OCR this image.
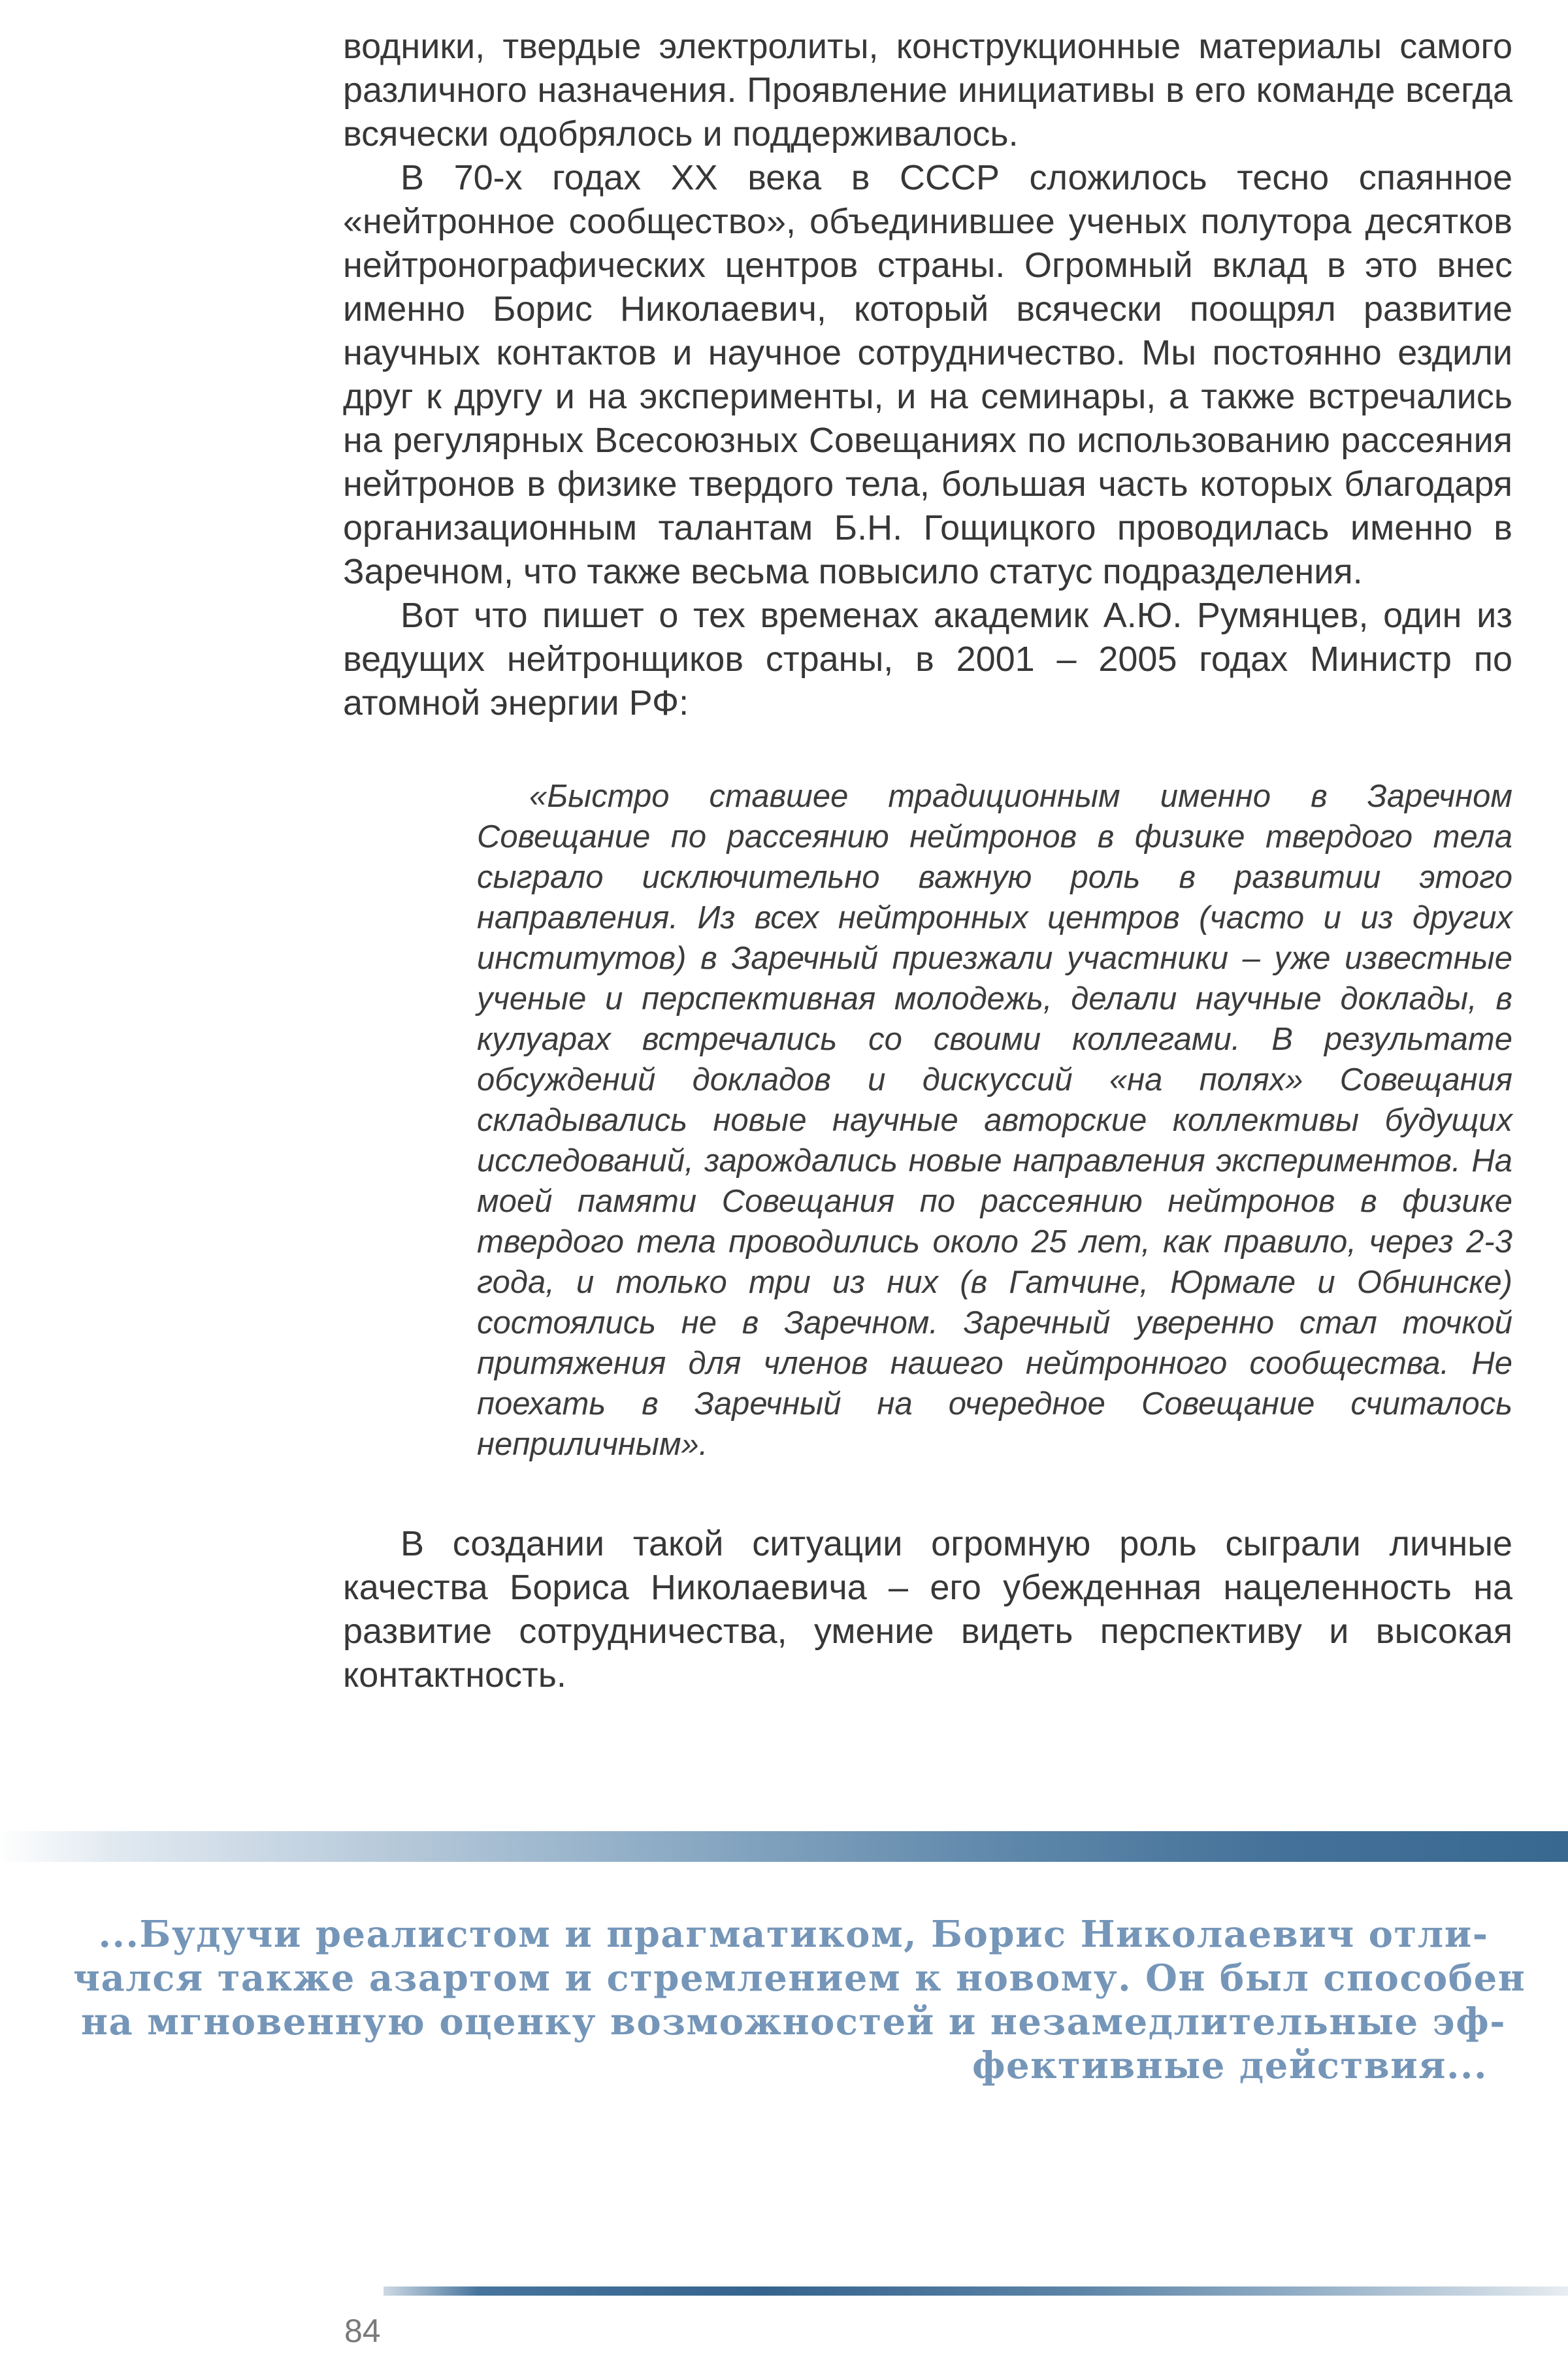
водники, твердые электролиты, конструкционные материалы самого различного назначения. Проявление инициативы в его команде всегда всячески одобрялось и поддерживалось.

В 70-х годах XX века в СССР сложилось тесно спаянное «нейтронное сообщество», объединившее ученых полутора десятков нейтронографических центров страны. Огромный вклад в это внес именно Борис Николаевич, который всячески поощрял развитие научных контактов и научное сотрудничество. Мы постоянно ездили друг к другу и на эксперименты, и на семинары, а также встречались на регулярных Всесоюзных Совещаниях по использованию рассеяния нейтронов в физике твердого тела, большая часть которых благодаря организационным талантам Б.Н. Гощицкого проводилась именно в Заречном, что также весьма повысило статус подразделения.

Вот что пишет о тех временах академик А.Ю. Румянцев, один из ведущих нейтронщиков страны, в 2001 – 2005 годах Министр по атомной энергии РФ:

«Быстро ставшее традиционным именно в Заречном Совещание по рассеянию нейтронов в физике твердого тела сыграло исключительно важную роль в развитии этого направления. Из всех нейтронных центров (часто и из других институтов) в Заречный приезжали участники – уже известные ученые и перспективная молодежь, делали научные доклады, в кулуарах встречались со своими коллегами. В результате обсуждений докладов и дискуссий «на полях» Совещания складывались новые научные авторские коллективы будущих исследований, зарождались новые направления экспериментов. На моей памяти Совещания по рассеянию нейтронов в физике твердого тела проводились около 25 лет, как правило, через 2-3 года, и только три из них (в Гатчине, Юрмале и Обнинске) состоялись не в Заречном. Заречный уверенно стал точкой притяжения для членов нашего нейтронного сообщества. Не поехать в Заречный на очередное Совещание считалось неприличным».

В создании такой ситуации огромную роль сыграли личные качества Бориса Николаевича – его убежденная нацеленность на развитие сотрудничества, умение видеть перспективу и высокая контактность.

...Будучи реалистом и прагматиком, Борис Николаевич отли-
чался также азартом и стремлением к новому. Он был способен
на мгновенную оценку возможностей и незамедлительные эф-
фективные действия...
84
